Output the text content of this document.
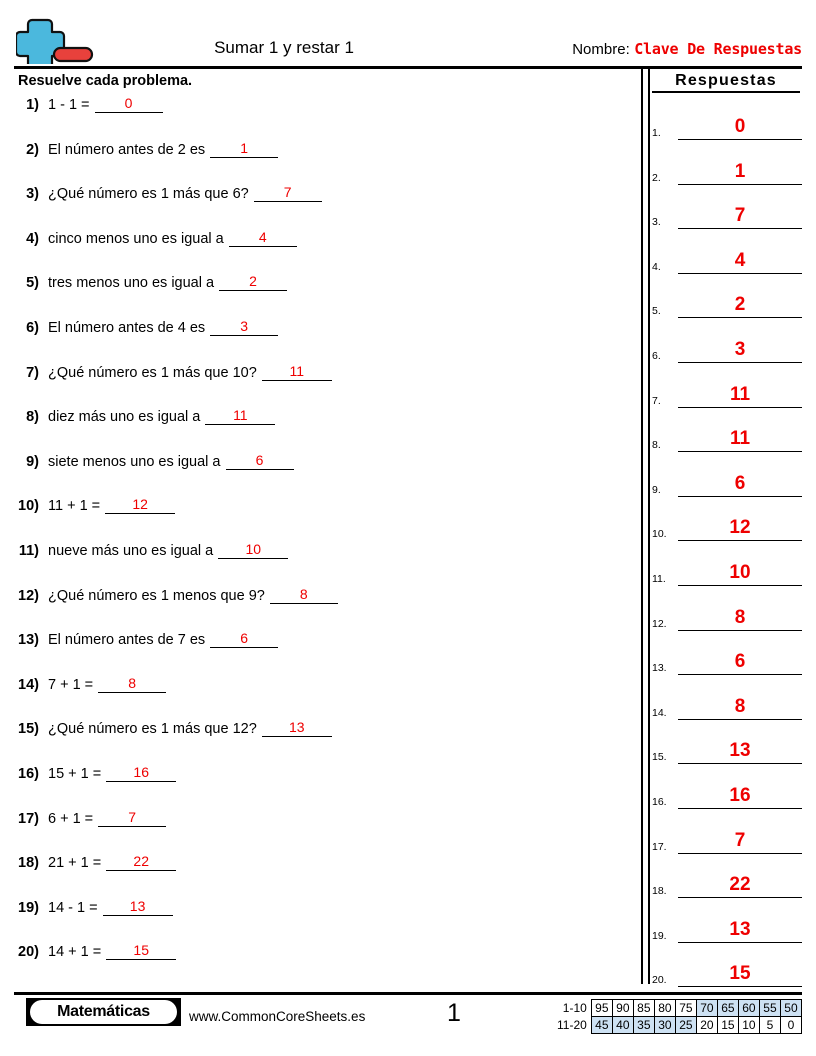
Sumar 1 y restar 1	Nombre: Clave De Respuestas
Resuelve cada problema.
1) 1 - 1 =	0
2) El número antes de 2 es	1
3) ¿Qué número es 1 más que 6?	7
4) cinco menos uno es igual a	4
5) tres menos uno es igual a	2
6) El número antes de 4 es	3
7) ¿Qué número es 1 más que 10?	11
8) diez más uno es igual a	11
9) siete menos uno es igual a	6
10) 11 + 1 =	12
11) nueve más uno es igual a	10
12) ¿Qué número es 1 menos que 9?	8
13) El número antes de 7 es	6
14) 7 + 1 =	8
15) ¿Qué número es 1 más que 12?	13
16) 15 + 1 =	16
17) 6 + 1 =	7
18) 21 + 1 =	22
19) 14 - 1 =	13
20) 14 + 1 =	15
Respuestas
1.	0
2.	1
3.	7
4.	4
5.	2
6.	3
7.	11
8.	11
9.	6
10.	12
11.	10
12.	8
13.	6
14.	8
15.	13
16.	16
17.	7
18.	22
19.	13
20.	15
Matemáticas	www.CommonCoreSheets.es	1	1-10	95	90	85	80	75	70	65	60	55	50
11-20	45	40	35	30	25	20	15	10	5	0
